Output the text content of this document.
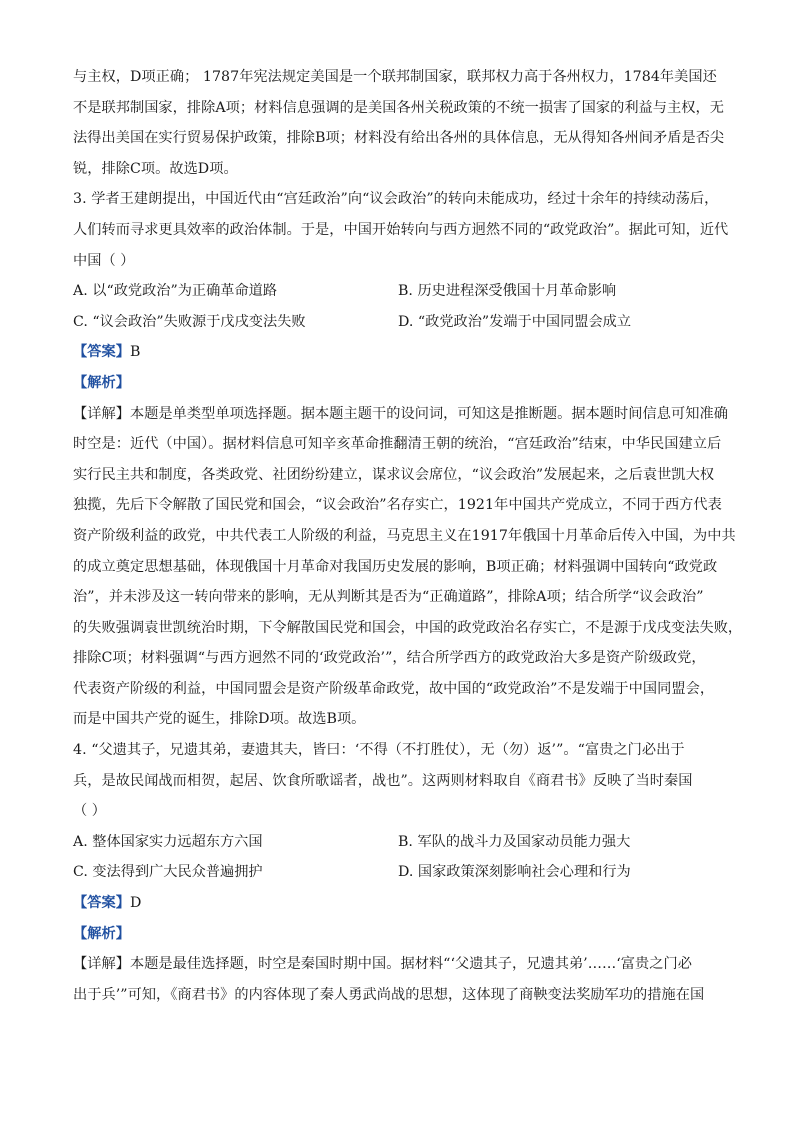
与主权，D项正确； 1787年宪法规定美国是一个联邦制国家，联邦权力高于各州权力，1784年美国还
不是联邦制国家，排除A项；材料信息强调的是美国各州关税政策的不统一损害了国家的利益与主权，无
法得出美国在实行贸易保护政策，排除B项；材料没有给出各州的具体信息，无从得知各州间矛盾是否尖
锐，排除C项。故选D项。
3. 学者王建朗提出，中国近代由“宫廷政治”向“议会政治”的转向未能成功，经过十余年的持续动荡后，
人们转而寻求更具效率的政治体制。于是，中国开始转向与西方迥然不同的“政党政治”。据此可知，近代
中国（ ）
A. 以“政党政治”为正确革命道路	B. 历史进程深受俄国十月革命影响
C. “议会政治”失败源于戊戌变法失败	D. “政党政治”发端于中国同盟会成立
【答案】B
【解析】
【详解】本题是单类型单项选择题。据本题主题干的设问词，可知这是推断题。据本题时间信息可知准确
时空是：近代（中国）。据材料信息可知辛亥革命推翻清王朝的统治，“宫廷政治”结束，中华民国建立后
实行民主共和制度，各类政党、社团纷纷建立，谋求议会席位，“议会政治”发展起来，之后袁世凯大权
独揽，先后下令解散了国民党和国会，“议会政治”名存实亡，1921年中国共产党成立，不同于西方代表
资产阶级利益的政党，中共代表工人阶级的利益，马克思主义在1917年俄国十月革命后传入中国，为中共
的成立奠定思想基础，体现俄国十月革命对我国历史发展的影响，B项正确；材料强调中国转向“政党政
治”，并未涉及这一转向带来的影响，无从判断其是否为“正确道路”，排除A项；结合所学“议会政治”
的失败强调袁世凯统治时期，下令解散国民党和国会，中国的政党政治名存实亡，不是源于戊戌变法失败，
排除C项；材料强调“与西方迥然不同的‘政党政治’”，结合所学西方的政党政治大多是资产阶级政党，
代表资产阶级的利益，中国同盟会是资产阶级革命政党，故中国的“政党政治”不是发端于中国同盟会，
而是中国共产党的诞生，排除D项。故选B项。
4. “父遗其子，兄遗其弟，妻遗其夫，皆曰：‘不得（不打胜仗），无（勿）返’”。“富贵之门必出于
兵，是故民闻战而相贺，起居、饮食所歌谣者，战也”。这两则材料取自《商君书》反映了当时秦国
（ ）
A. 整体国家实力远超东方六国	B. 军队的战斗力及国家动员能力强大
C. 变法得到广大民众普遍拥护	D. 国家政策深刻影响社会心理和行为
【答案】D
【解析】
【详解】本题是最佳选择题，时空是秦国时期中国。据材料“‘父遗其子，兄遗其弟’……‘富贵之门必
出于兵’”可知，《商君书》的内容体现了秦人勇武尚战的思想，这体现了商鞅变法奖励军功的措施在国
